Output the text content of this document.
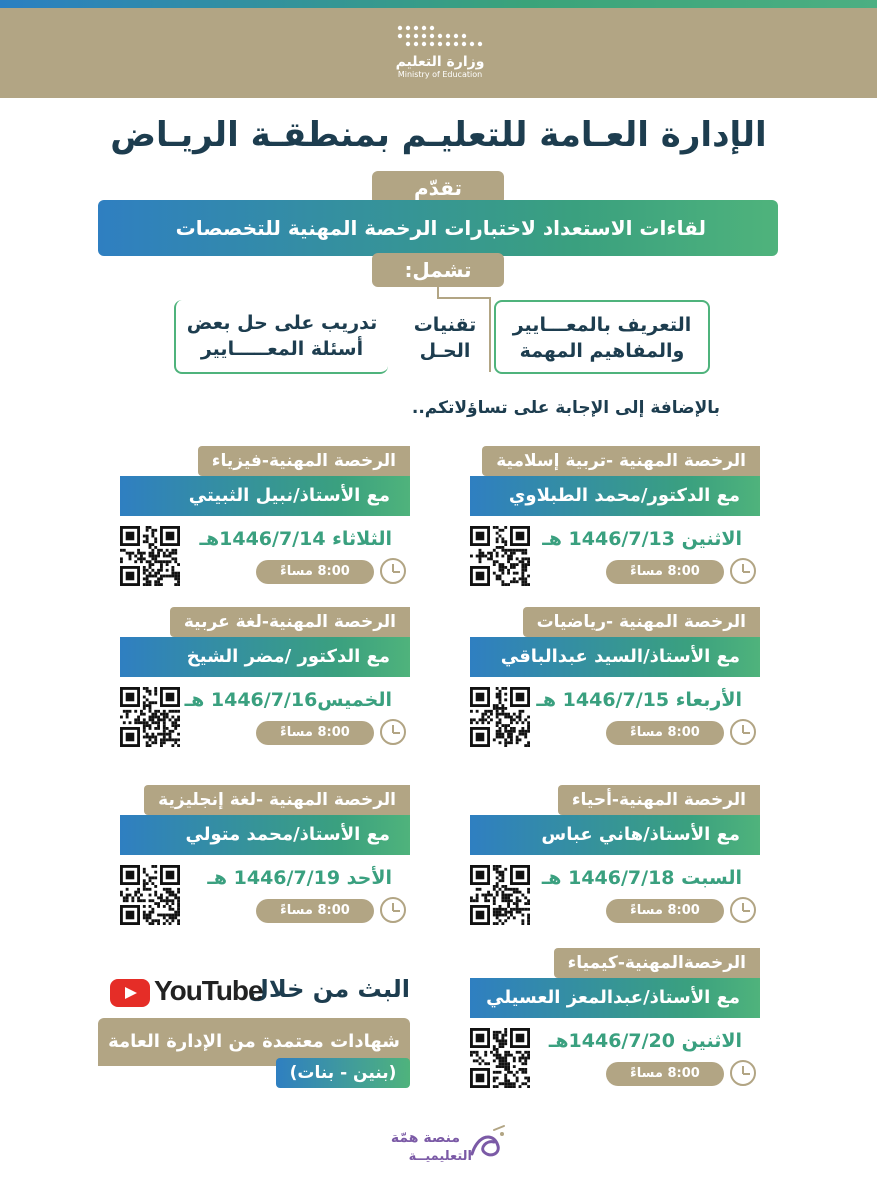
وزارة التعليم
Ministry of Education
الإدارة العـامة للتعليـم بمنطقـة الريـاض
تقدّم
لقاءات الاستعداد لاختبارات الرخصة المهنية للتخصصات
تشمل:
التعريف بالمعـــايير
والمفاهيم المهمة
تقنيات
الحـل
تدريب على حل بعض
أسئلة المعـــــايير
بالإضافة إلى الإجابة على تساؤلاتكم..
الرخصة المهنية -تربية إسلامية
مع الدكتور/محمد الطبلاوي
الاثنين 1446/7/13 هـ
8:00 مساءً
الرخصة المهنية-فيزياء
مع الأستاذ/نبيل الثبيتي
الثلاثاء 1446/7/14هـ
8:00 مساءً
الرخصة المهنية -رياضيات
مع الأستاذ/السيد عبدالباقي
الأربعاء 1446/7/15 هـ
8:00 مساءً
الرخصة المهنية-لغة عربية
مع الدكتور /مضر الشيخ
الخميس1446/7/16 هـ
8:00 مساءً
الرخصة المهنية-أحياء
مع الأستاذ/هاني عباس
السبت 1446/7/18 هـ
8:00 مساءً
الرخصة المهنية -لغة إنجليزية
مع الأستاذ/محمد متولي
الأحد 1446/7/19 هـ
8:00 مساءً
الرخصةالمهنية-كيمياء
مع الأستاذ/عبدالمعز العسيلي
الاثنين 1446/7/20هـ
8:00 مساءً
البث من خلال
YouTube
شهادات معتمدة من الإدارة العامة
(بنين - بنات)
منصة همّة
التعليميــة
